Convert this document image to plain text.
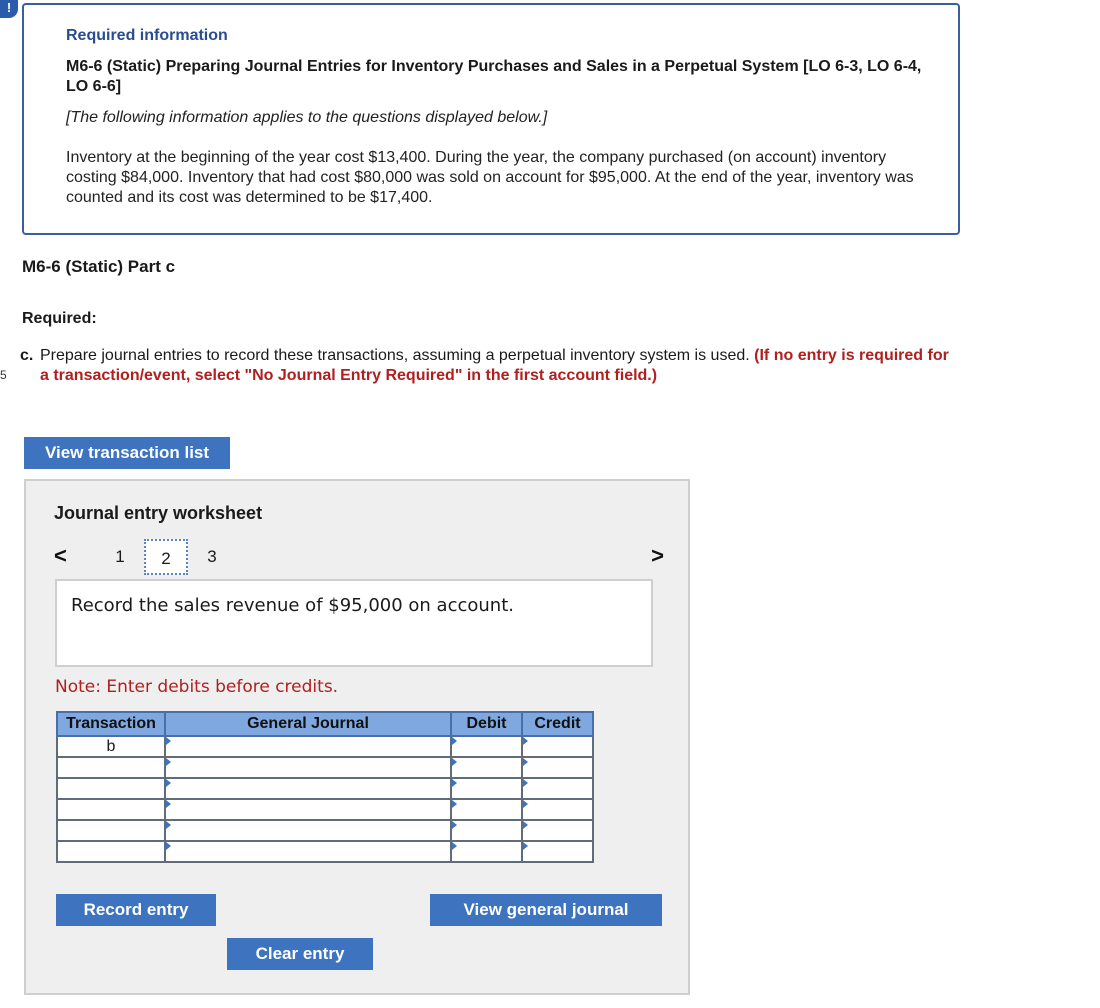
!
5

Required information

M6-6 (Static) Preparing Journal Entries for Inventory Purchases and Sales in a Perpetual System [LO 6-3, LO 6-4, LO 6-6]

[The following information applies to the questions displayed below.]

Inventory at the beginning of the year cost $13,400. During the year, the company purchased (on account) inventory costing $84,000. Inventory that had cost $80,000 was sold on account for $95,000. At the end of the year, inventory was counted and its cost was determined to be $17,400.

M6-6 (Static) Part c
Required:
c. Prepare journal entries to record these transactions, assuming a perpetual inventory system is used. (If no entry is required for a transaction/event, select "No Journal Entry Required" in the first account field.)
View transaction list
Journal entry worksheet
<	1	2	3	>
Record the sales revenue of $95,000 on account.
Note: Enter debits before credits.
Transaction	General Journal	Debit	Credit
b	

Record entry	View general journal
Clear entry
